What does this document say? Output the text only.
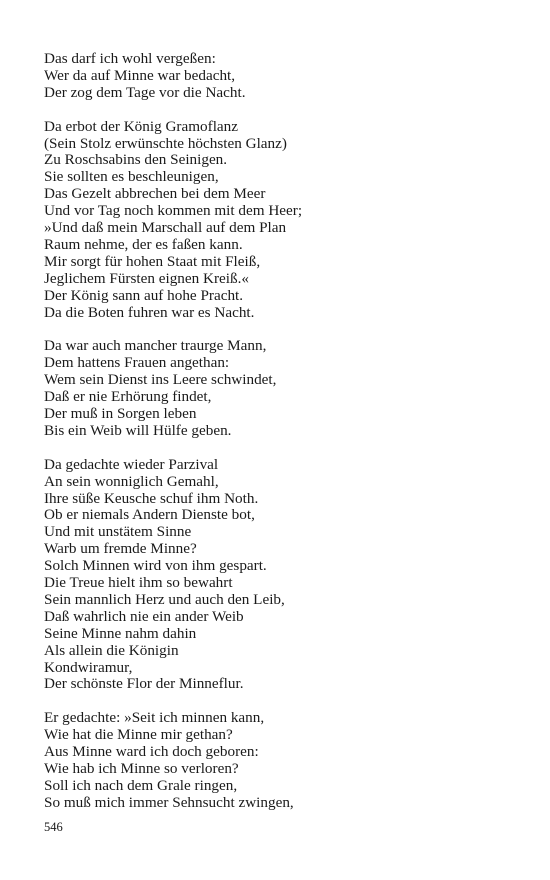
Das darf ich wohl vergeßen:
Wer da auf Minne war bedacht,
Der zog dem Tage vor die Nacht.
Da erbot der König Gramoflanz
(Sein Stolz erwünschte höchsten Glanz)
Zu Roschsabins den Seinigen.
Sie sollten es beschleunigen,
Das Gezelt abbrechen bei dem Meer
Und vor Tag noch kommen mit dem Heer;
»Und daß mein Marschall auf dem Plan
Raum nehme, der es faßen kann.
Mir sorgt für hohen Staat mit Fleiß,
Jeglichem Fürsten eignen Kreiß.«
Der König sann auf hohe Pracht.
Da die Boten fuhren war es Nacht.
Da war auch mancher traurge Mann,
Dem hattens Frauen angethan:
Wem sein Dienst ins Leere schwindet,
Daß er nie Erhörung findet,
Der muß in Sorgen leben
Bis ein Weib will Hülfe geben.
Da gedachte wieder Parzival
An sein wonniglich Gemahl,
Ihre süße Keusche schuf ihm Noth.
Ob er niemals Andern Dienste bot,
Und mit unstätem Sinne
Warb um fremde Minne?
Solch Minnen wird von ihm gespart.
Die Treue hielt ihm so bewahrt
Sein mannlich Herz und auch den Leib,
Daß wahrlich nie ein ander Weib
Seine Minne nahm dahin
Als allein die Königin
Kondwiramur,
Der schönste Flor der Minneflur.
Er gedachte: »Seit ich minnen kann,
Wie hat die Minne mir gethan?
Aus Minne ward ich doch geboren:
Wie hab ich Minne so verloren?
Soll ich nach dem Grale ringen,
So muß mich immer Sehnsucht zwingen,
546
